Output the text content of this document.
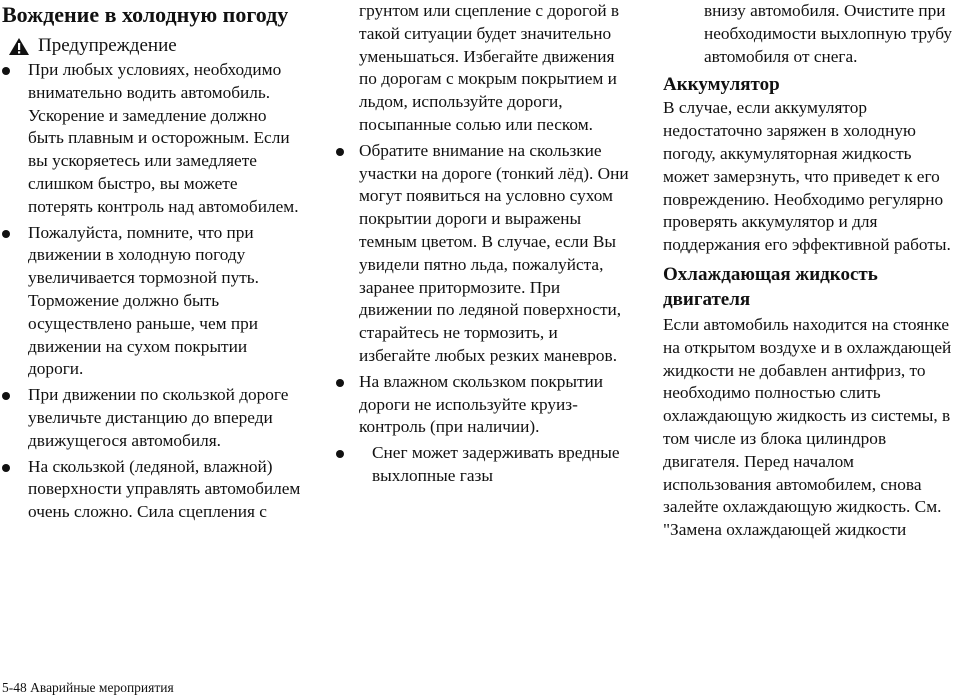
Вождение в холодную погоду
Предупреждение
При любых условиях, необходимо внимательно водить автомобиль. Ускорение и замедление должно быть плавным и осторожным. Если вы ускоряетесь или замедляете слишком быстро, вы можете потерять контроль над автомобилем.
Пожалуйста, помните, что при движении в холодную погоду увеличивается тормозной путь. Торможение должно быть осуществлено раньше, чем при движении на сухом покрытии дороги.
При движении по скользкой дороге увеличьте дистанцию до впереди движущегося автомобиля.
На скользкой (ледяной, влажной) поверхности управлять автомобилем очень сложно. Сила сцепления с

грунтом или сцепление с дорогой в такой ситуации будет значительно уменьшаться. Избегайте движения по дорогам с мокрым покрытием и льдом, используйте дороги, посыпанные солью или песком.

Обратите внимание на скользкие участки на дороге (тонкий лёд). Они могут появиться на условно сухом покрытии дороги и выражены темным цветом. В случае, если Вы увидели пятно льда, пожалуйста, заранее притормозите. При движении по ледяной поверхности, старайтесь не тормозить, и избегайте любых резких маневров.
На влажном скользком покрытии дороги не используйте круиз-контроль (при наличии).
Снег может задерживать вредные выхлопные газы

внизу автомобиля. Очистите при необходимости выхлопную трубу автомобиля от снега.

Аккумулятор

В случае, если аккумулятор недостаточно заряжен в холодную погоду, аккумуляторная жидкость может замерзнуть, что приведет к его повреждению. Необходимо регулярно проверять аккумулятор и для поддержания его эффективной работы.

Охлаждающая жидкость двигателя

Если автомобиль находится на стоянке на открытом воздухе и в охлаждающей жидкости не добавлен антифриз, то необходимо полностью слить охлаждающую жидкость из системы, в том числе из блока цилиндров двигателя. Перед началом использования автомобилем, снова залейте охлаждающую жидкость. См. "Замена охлаждающей жидкости

5-48 Аварийные мероприятия
